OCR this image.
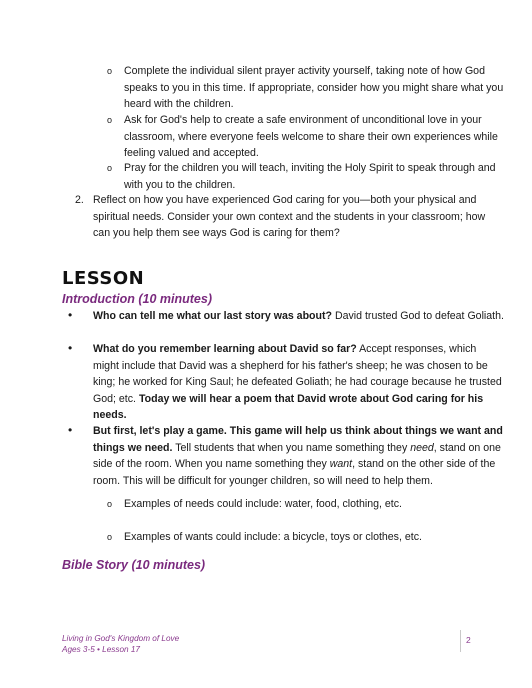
o Complete the individual silent prayer activity yourself, taking note of how God speaks to you in this time. If appropriate, consider how you might share what you heard with the children.
o Ask for God's help to create a safe environment of unconditional love in your classroom, where everyone feels welcome to share their own experiences while feeling valued and accepted.
o Pray for the children you will teach, inviting the Holy Spirit to speak through and with you to the children.
2. Reflect on how you have experienced God caring for you—both your physical and spiritual needs. Consider your own context and the students in your classroom; how can you help them see ways God is caring for them?
LESSON
Introduction (10 minutes)
• Who can tell me what our last story was about? David trusted God to defeat Goliath.
• What do you remember learning about David so far? Accept responses, which might include that David was a shepherd for his father's sheep; he was chosen to be king; he worked for King Saul; he defeated Goliath; he had courage because he trusted God; etc. Today we will hear a poem that David wrote about God caring for his needs.
• But first, let's play a game. This game will help us think about things we want and things we need. Tell students that when you name something they need, stand on one side of the room. When you name something they want, stand on the other side of the room. This will be difficult for younger children, so will need to help them.
o Examples of needs could include: water, food, clothing, etc.
o Examples of wants could include: a bicycle, toys or clothes, etc.
Bible Story (10 minutes)
Living in God's Kingdom of Love
Ages 3-5 • Lesson 17
2
